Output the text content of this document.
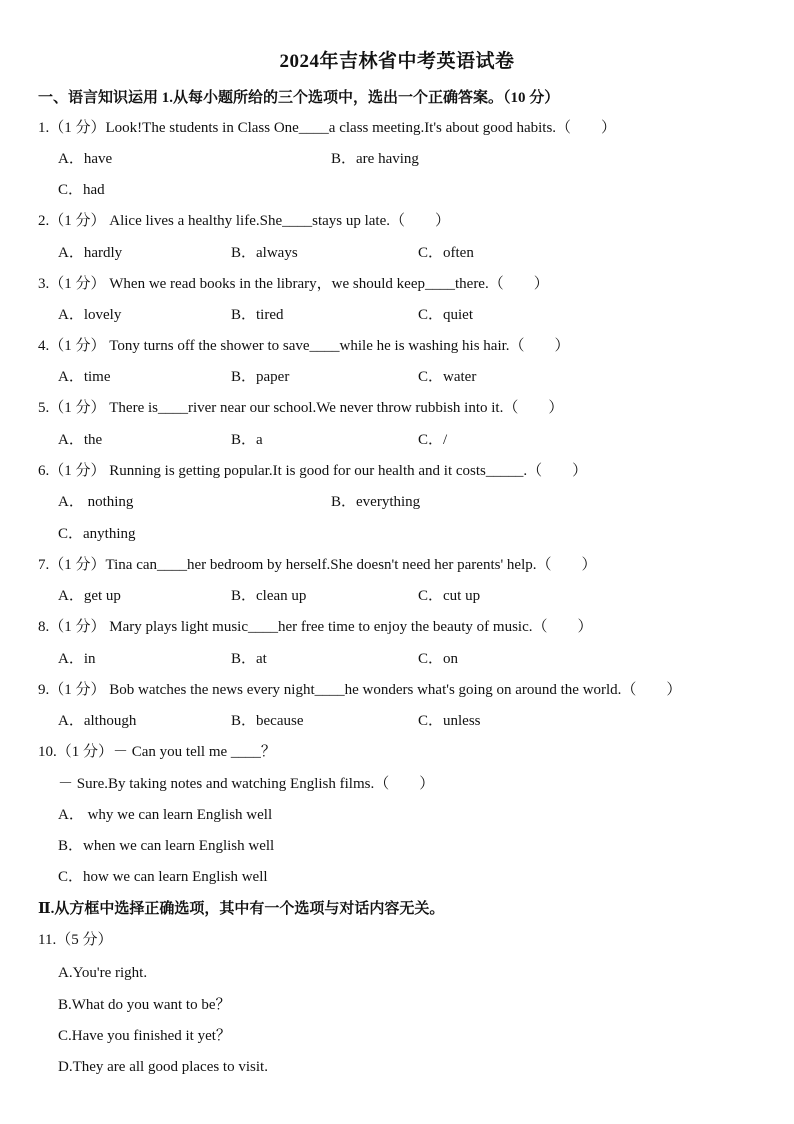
2024年吉林省中考英语试卷
一、语言知识运用 1.从每小题所给的三个选项中，选出一个正确答案。（10 分）
1.（1 分）Look!The students in Class One____a class meeting.It's about good habits.（　　）
A．have	B．are having
C．had
2.（1 分） Alice lives a healthy life.She____stays up late.（　　）
A．hardly	B．always	C．often
3.（1 分） When we read books in the library，we should keep____there.（　　）
A．lovely	B．tired	C．quiet
4.（1 分） Tony turns off the shower to save____while he is washing his hair.（　　）
A．time	B．paper	C．water
5.（1 分） There is____river near our school.We never throw rubbish into it.（　　）
A．the	B．a	C．/
6.（1 分） Running is getting popular.It is good for our health and it costs_____.（　　）
A． nothing	B．everything
C．anything
7.（1 分）Tina can____her bedroom by herself.She doesn't need her parents' help.（　　）
A．get up	B．clean up	C．cut up
8.（1 分） Mary plays light music____her free time to enjoy the beauty of music.（　　）
A．in	B．at	C．on
9.（1 分） Bob watches the news every night____he wonders what's going on around the world.（　　）
A．although	B．because	C．unless
10.（1 分）－ Can you tell me ____？
－ Sure.By taking notes and watching English films.（　　）
A． why we can learn English well
B．when we can learn English well
C．how we can learn English well
Ⅱ.从方框中选择正确选项，其中有一个选项与对话内容无关。
11.（5 分）
A.You're right.
B.What do you want to be？
C.Have you finished it yet？
D.They are all good places to visit.
